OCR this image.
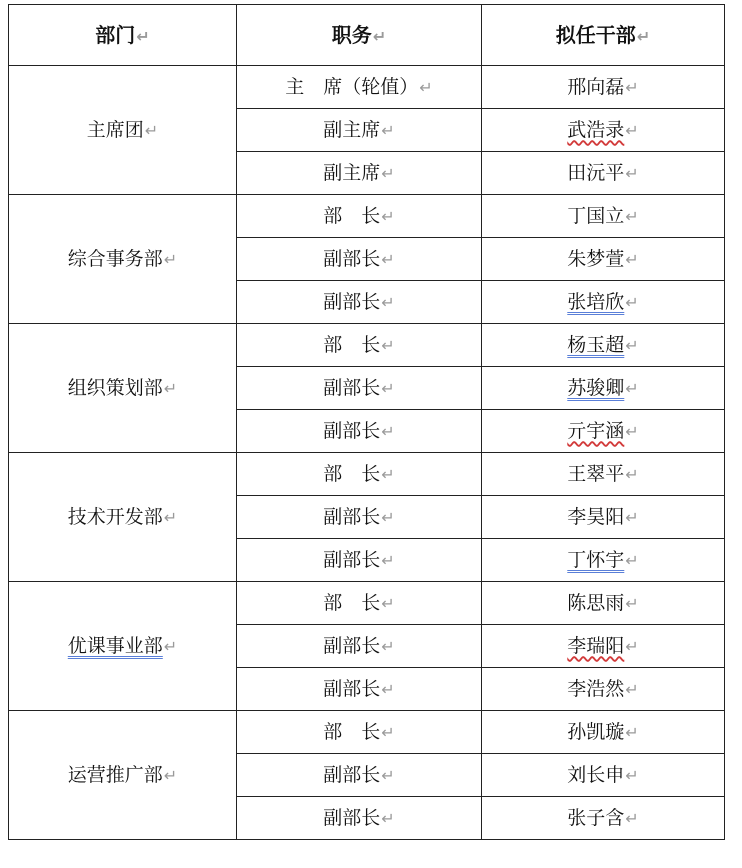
部门↵	职务↵	拟任干部↵
主席团↵	主　席（轮值）↵	邢向磊↵
	副主席↵	武浩录↵
	副主席↵	田沅平↵
综合事务部↵	部　长↵	丁国立↵
	副部长↵	朱梦萱↵
	副部长↵	张培欣↵
组织策划部↵	部　长↵	杨玉超↵
	副部长↵	苏骏卿↵
	副部长↵	亓宇涵↵
技术开发部↵	部　长↵	王翠平↵
	副部长↵	李昊阳↵
	副部长↵	丁怀宇↵
优课事业部↵	部　长↵	陈思雨↵
	副部长↵	李瑞阳↵
	副部长↵	李浩然↵
运营推广部↵	部　长↵	孙凯璇↵
	副部长↵	刘长申↵
	副部长↵	张子含↵
